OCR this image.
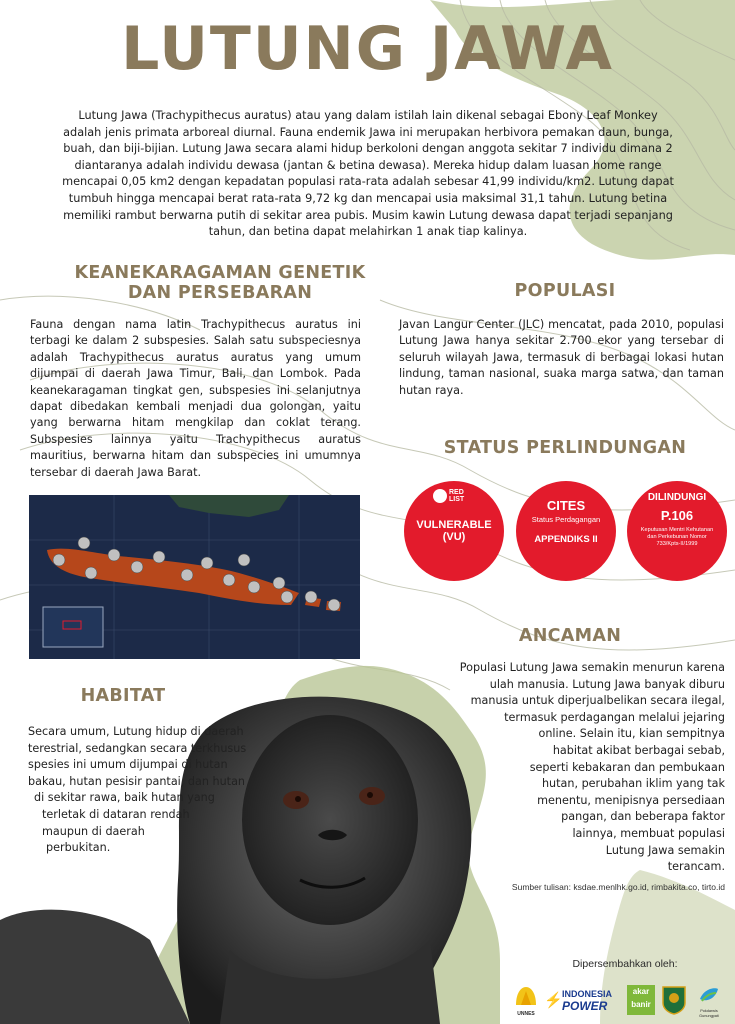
LUTUNG JAWA
Lutung Jawa (Trachypithecus auratus) atau yang dalam istilah lain dikenal sebagai Ebony Leaf Monkey adalah jenis primata arboreal diurnal. Fauna endemik Jawa ini merupakan herbivora pemakan daun, bunga, buah, dan biji-bijian. Lutung Jawa secara alami hidup berkoloni dengan anggota sekitar 7 individu dimana 2 diantaranya adalah individu dewasa (jantan & betina dewasa). Mereka hidup dalam luasan home range mencapai 0,05 km2 dengan kepadatan populasi rata-rata adalah sebesar 41,99 individu/km2. Lutung dapat tumbuh hingga mencapai berat rata-rata 9,72 kg dan mencapai usia maksimal 31,1 tahun. Lutung betina memiliki rambut berwarna putih di sekitar area pubis. Musim kawin Lutung dewasa dapat terjadi sepanjang tahun, dan betina dapat melahirkan 1 anak tiap kalinya.
KEANEKARAGAMAN GENETIK
DAN PERSEBARAN
Fauna dengan nama latin Trachypithecus auratus ini terbagi ke dalam 2 subspesies. Salah satu subspeciesnya adalah Trachypithecus auratus auratus yang umum dijumpai di daerah Jawa Timur, Bali, dan Lombok. Pada keanekaragaman tingkat gen, subspesies ini selanjutnya dapat dibedakan kembali menjadi dua golongan, yaitu yang berwarna hitam mengkilap dan coklat terang. Subspesies lainnya yaitu Trachypithecus auratus mauritius, berwarna hitam dan subspecies ini umumnya tersebar di daerah Jawa Barat.
POPULASI
Javan Langur Center (JLC) mencatat, pada 2010, populasi Lutung Jawa hanya sekitar 2.700 ekor yang tersebar di seluruh wilayah Jawa, termasuk di berbagai lokasi hutan lindung, taman nasional, suaka marga satwa, dan taman hutan raya.
STATUS PERLINDUNGAN
RED LIST
VULNERABLE
(VU)
CITES
Status Perdagangan
APPENDIKS II
DILINDUNGI
P.106
Keputusan Mentri Kehutanan dan Perkebunan Nomor 733/Kpts-II/1999
ANCAMAN
Populasi Lutung Jawa semakin menurun karena
ulah manusia. Lutung Jawa banyak diburu
manusia untuk diperjualbelikan secara ilegal,
termasuk perdagangan melalui jejaring
online. Selain itu, kian sempitnya
habitat akibat berbagai sebab,
seperti kebakaran dan pembukaan
hutan, perubahan iklim yang tak
menentu, menipisnya persediaan
pangan, dan beberapa faktor
lainnya, membuat populasi
Lutung Jawa semakin
terancam.
Sumber tulisan: ksdae.menlhk.go.id, rimbakita.co, tirto.id
HABITAT
Secara umum, Lutung hidup di daerah
terestrial, sedangkan secara terkhusus
spesies ini umum dijumpai di hutan
bakau, hutan pesisir pantai, dan hutan
di sekitar rawa, baik hutan yang
terletak di dataran rendah
maupun di daerah
perbukitan.
Dipersembahkan oleh:
UNNES
⚡ INDONESIA
POWER
akar
banir
Pokdarwis Gunungpati
